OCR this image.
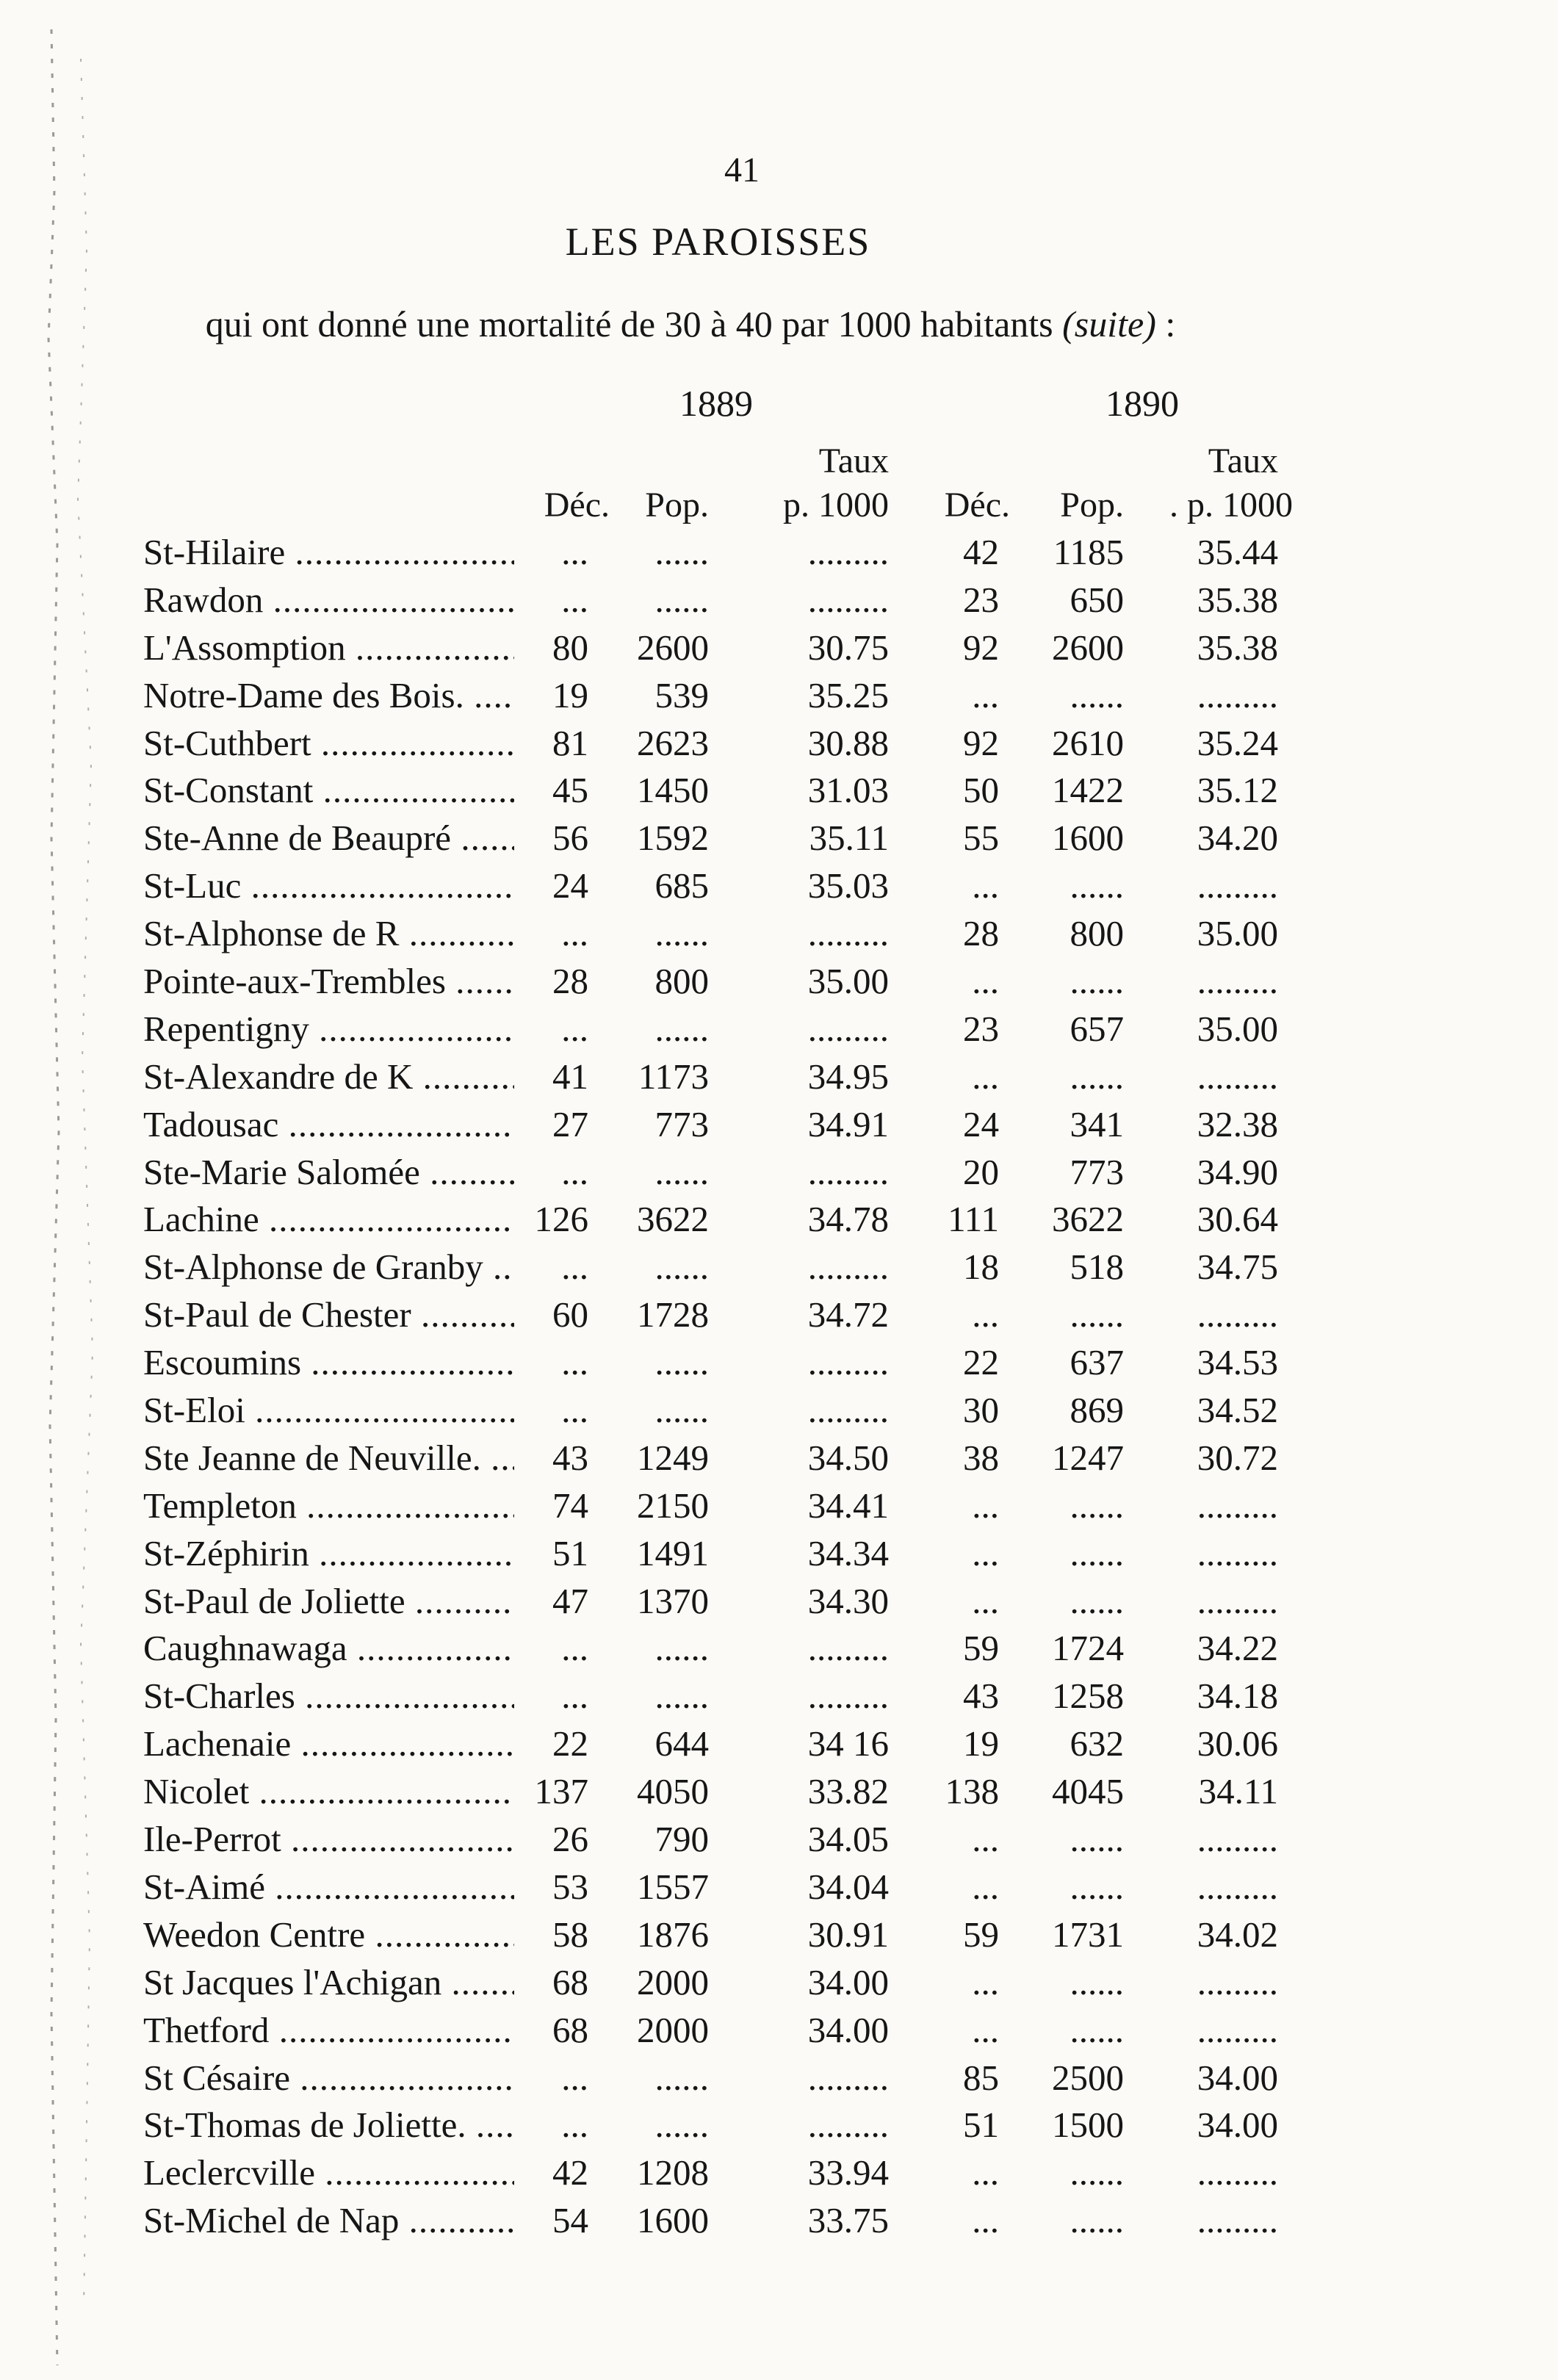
41
LES PAROISSES
qui ont donné une mortalité de 30 à 40 par 1000 habitants (suite) :
1889	1890
Taux	Taux
Déc.	Pop.	p. 1000	Déc.	Pop.	. p. 1000
St-Hilaire .....	...	......	.........	42	1185	35.44
Rawdon .....	...	......	.........	23	650	35.38
L'Assomption .....	80	2600	30.75	92	2600	35.38
Notre-Dame des Bois. .....	19	539	35.25	...	......	.........
St-Cuthbert .....	81	2623	30.88	92	2610	35.24
St-Constant .....	45	1450	31.03	50	1422	35.12
Ste-Anne de Beaupré .....	56	1592	35.11	55	1600	34.20
St-Luc .....	24	685	35.03	...	......	.........
St-Alphonse de R .....	...	......	.........	28	800	35.00
Pointe-aux-Trembles .....	28	800	35.00	...	......	.........
Repentigny .....	...	......	.........	23	657	35.00
St-Alexandre de K .....	41	1173	34.95	...	......	.........
Tadousac .....	27	773	34.91	24	341	32.38
Ste-Marie Salomée .....	...	......	.........	20	773	34.90
Lachine .....	126	3622	34.78	111	3622	30.64
St-Alphonse de Granby .....	...	......	.........	18	518	34.75
St-Paul de Chester .....	60	1728	34.72	...	......	.........
Escoumins .....	...	......	.........	22	637	34.53
St-Eloi .....	...	......	.........	30	869	34.52
Ste Jeanne de Neuville. .....	43	1249	34.50	38	1247	30.72
Templeton .....	74	2150	34.41	...	......	.........
St-Zéphirin .....	51	1491	34.34	...	......	.........
St-Paul de Joliette .....	47	1370	34.30	...	......	.........
Caughnawaga .....	...	......	.........	59	1724	34.22
St-Charles .....	...	......	.........	43	1258	34.18
Lachenaie .....	22	644	34 16	19	632	30.06
Nicolet .....	137	4050	33.82	138	4045	34.11
Ile-Perrot .....	26	790	34.05	...	......	.........
St-Aimé .....	53	1557	34.04	...	......	.........
Weedon Centre .....	58	1876	30.91	59	1731	34.02
St Jacques l'Achigan .....	68	2000	34.00	...	......	.........
Thetford .....	68	2000	34.00	...	......	.........
St Césaire .....	...	......	.........	85	2500	34.00
St-Thomas de Joliette. .....	...	......	.........	51	1500	34.00
Leclercville .....	42	1208	33.94	...	......	.........
St-Michel de Nap .....	54	1600	33.75	...	......	.........
